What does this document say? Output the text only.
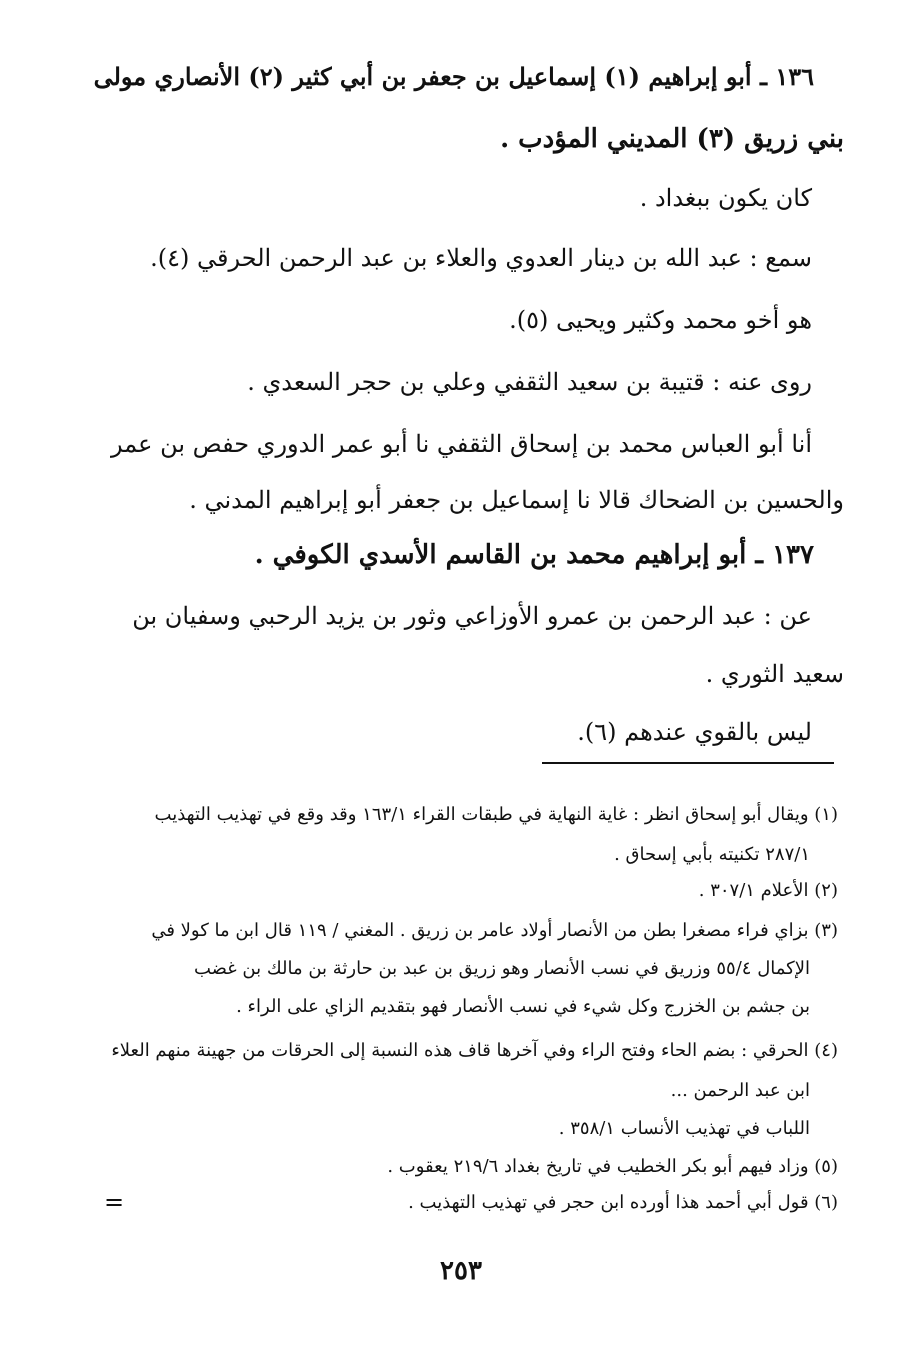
١٣٦ ـ أبو إبراهيم (١) إسماعيل بن جعفر بن أبي كثير (٢) الأنصاري مولى
بني زريق (٣) المديني المؤدب .
كان يكون ببغداد .
سمع : عبد الله بن دينار العدوي والعلاء بن عبد الرحمن الحرقي (٤).
هو أخو محمد وكثير ويحيى (٥).
روى عنه : قتيبة بن سعيد الثقفي وعلي بن حجر السعدي .
أنا أبو العباس محمد بن إسحاق الثقفي نا أبو عمر الدوري حفص بن عمر
والحسين بن الضحاك قالا نا إسماعيل بن جعفر أبو إبراهيم المدني .
١٣٧ ـ أبو إبراهيم محمد بن القاسم الأسدي الكوفي .
عن : عبد الرحمن بن عمرو الأوزاعي وثور بن يزيد الرحبي وسفيان بن
سعيد الثوري .
ليس بالقوي عندهم (٦).
(١) ويقال أبو إسحاق انظر : غاية النهاية في طبقات القراء ١٦٣/١ وقد وقع في تهذيب التهذيب
٢٨٧/١ تكنيته بأبي إسحاق .
(٢) الأعلام ٣٠٧/١ .
(٣) بزاي فراء مصغرا بطن من الأنصار أولاد عامر بن زريق . المغني / ١١٩ قال ابن ما كولا في
الإكمال ٥٥/٤ وزريق في نسب الأنصار وهو زريق بن عبد بن حارثة بن مالك بن غضب
بن جشم بن الخزرج وكل شيء في نسب الأنصار فهو بتقديم الزاي على الراء .
(٤) الحرقي : بضم الحاء وفتح الراء وفي آخرها قاف هذه النسبة إلى الحرقات من جهينة منهم العلاء
ابن عبد الرحمن ...
اللباب في تهذيب الأنساب ٣٥٨/١ .
(٥) وزاد فيهم أبو بكر الخطيب في تاريخ بغداد ٢١٩/٦ يعقوب .
(٦) قول أبي أحمد هذا أورده ابن حجر في تهذيب التهذيب .
=
٢٥٣
